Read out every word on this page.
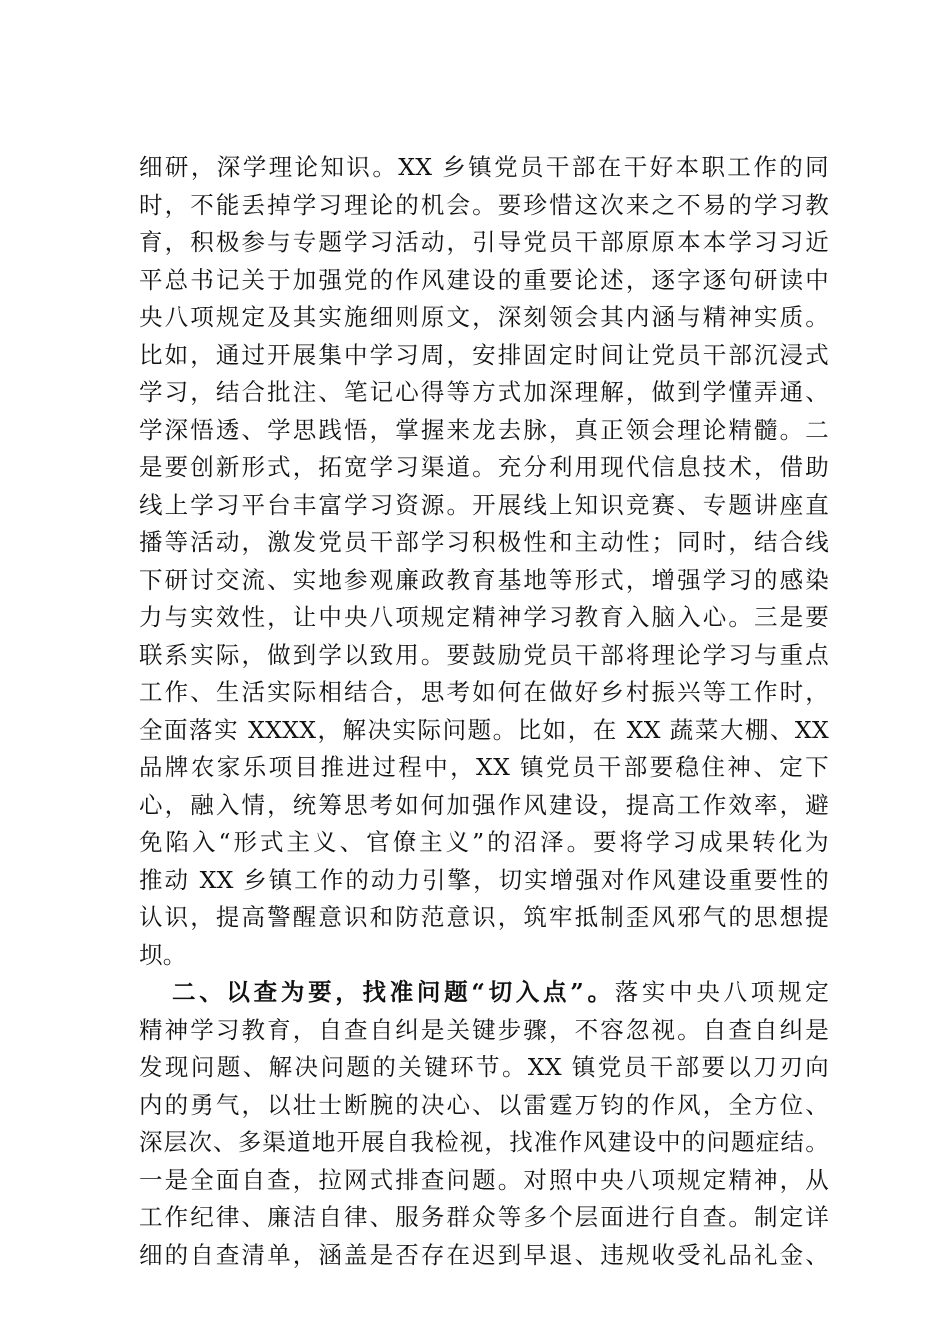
细研，深学理论知识。XX 乡镇党员干部在干好本职工作的同
时，不能丢掉学习理论的机会。要珍惜这次来之不易的学习教
育，积极参与专题学习活动，引导党员干部原原本本学习习近
平总书记关于加强党的作风建设的重要论述，逐字逐句研读中
央八项规定及其实施细则原文，深刻领会其内涵与精神实质。
比如，通过开展集中学习周，安排固定时间让党员干部沉浸式
学习，结合批注、笔记心得等方式加深理解，做到学懂弄通、
学深悟透、学思践悟，掌握来龙去脉，真正领会理论精髓。二
是要创新形式，拓宽学习渠道。充分利用现代信息技术，借助
线上学习平台丰富学习资源。开展线上知识竞赛、专题讲座直
播等活动，激发党员干部学习积极性和主动性；同时，结合线
下研讨交流、实地参观廉政教育基地等形式，增强学习的感染
力与实效性，让中央八项规定精神学习教育入脑入心。三是要
联系实际，做到学以致用。要鼓励党员干部将理论学习与重点
工作、生活实际相结合，思考如何在做好乡村振兴等工作时，
全面落实 XXXX，解决实际问题。比如，在 XX 蔬菜大棚、XX
品牌农家乐项目推进过程中，XX 镇党员干部要稳住神、定下
心，融入情，统筹思考如何加强作风建设，提高工作效率，避
免陷入“形式主义、官僚主义”的沼泽。要将学习成果转化为
推动 XX 乡镇工作的动力引擎，切实增强对作风建设重要性的
认识，提高警醒意识和防范意识，筑牢抵制歪风邪气的思想提
坝。
二、以查为要，找准问题“切入点”。落实中央八项规定
精神学习教育，自查自纠是关键步骤，不容忽视。自查自纠是
发现问题、解决问题的关键环节。XX 镇党员干部要以刀刃向
内的勇气，以壮士断腕的决心、以雷霆万钧的作风，全方位、
深层次、多渠道地开展自我检视，找准作风建设中的问题症结。
一是全面自查，拉网式排查问题。对照中央八项规定精神，从
工作纪律、廉洁自律、服务群众等多个层面进行自查。制定详
细的自查清单，涵盖是否存在迟到早退、违规收受礼品礼金、
